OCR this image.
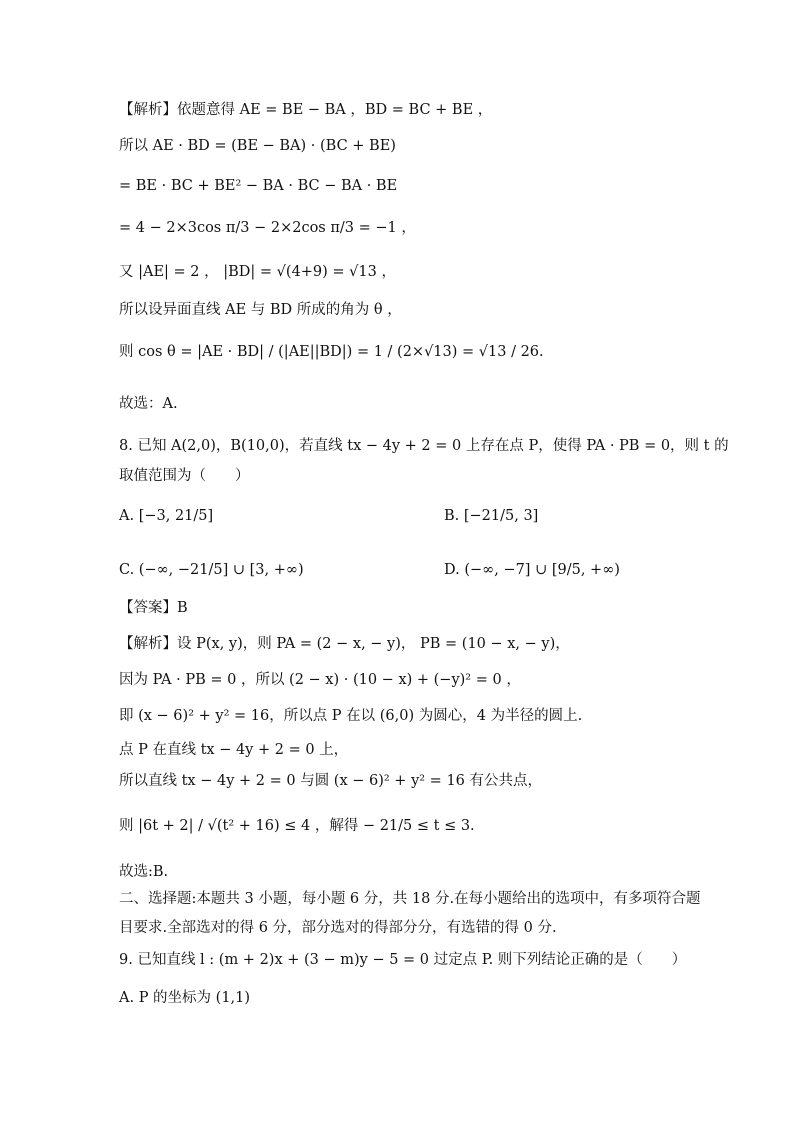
【解析】依题意得 AE = BE − BA ，BD = BC + BE ，
所以 AE · BD = (BE − BA) · (BC + BE)
= BE · BC + BE² − BA · BC − BA · BE
= 4 − 2×3cos π/3 − 2×2cos π/3 = −1 ，
又 |AE| = 2 ， |BD| = √(4+9) = √13 ，
所以设异面直线 AE 与 BD 所成的角为 θ ，
则 cos θ = |AE · BD| / (|AE||BD|) = 1 / (2×√13) = √13 / 26.
故选：A.
8. 已知 A(2,0)，B(10,0)，若直线 tx − 4y + 2 = 0 上存在点 P，使得 PA · PB = 0，则 t 的
取值范围为（　　）
A. [−3, 21/5]	B. [−21/5, 3]
C. (−∞, −21/5] ∪ [3, +∞)	D. (−∞, −7] ∪ [9/5, +∞)
【答案】B
【解析】设 P(x, y)，则 PA = (2 − x, − y)， PB = (10 − x, − y)，
因为 PA · PB = 0 ，所以 (2 − x) · (10 − x) + (−y)² = 0 ，
即 (x − 6)² + y² = 16，所以点 P 在以 (6,0) 为圆心，4 为半径的圆上.
点 P 在直线 tx − 4y + 2 = 0 上，
所以直线 tx − 4y + 2 = 0 与圆 (x − 6)² + y² = 16 有公共点，
则 |6t + 2| / √(t² + 16) ≤ 4 ，解得 − 21/5 ≤ t ≤ 3.
故选:B.
二、选择题:本题共 3 小题，每小题 6 分，共 18 分.在每小题给出的选项中，有多项符合题
目要求.全部选对的得 6 分，部分选对的得部分分，有选错的得 0 分.
9. 已知直线 l : (m + 2)x + (3 − m)y − 5 = 0 过定点 P. 则下列结论正确的是（　　）
A. P 的坐标为 (1,1)
